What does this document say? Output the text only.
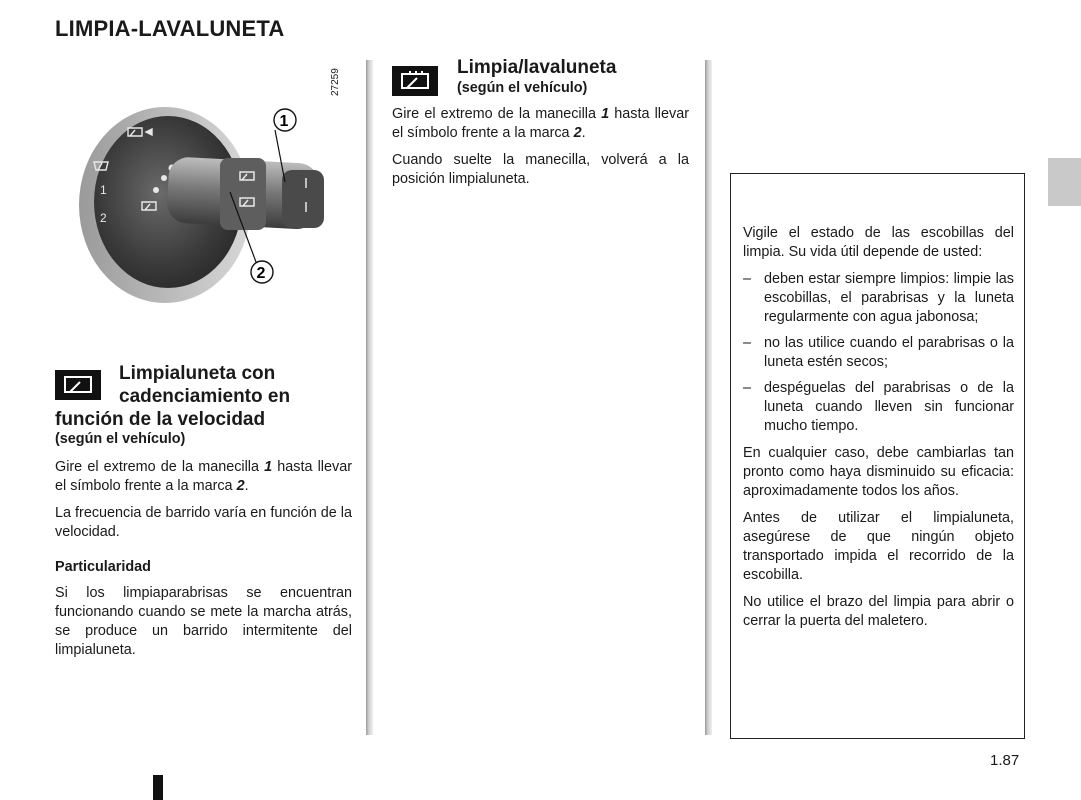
LIMPIA-LAVALUNETA
27259
1
2
1
2
Limpialuneta con
cadenciamiento en
función de la velocidad
(según el vehículo)

Gire el extremo de la manecilla 1 hasta llevar el símbolo frente a la marca 2.

La frecuencia de barrido varía en función de la velocidad.

Particularidad

Si los limpiaparabrisas se encuentran funcionando cuando se mete la marcha atrás, se produce un barrido intermitente del limpialuneta.

Limpia/lavaluneta
(según el vehículo)

Gire el extremo de la manecilla 1 hasta llevar el símbolo frente a la marca 2.

Cuando suelte la manecilla, volverá a la posición limpialuneta.

Vigile el estado de las escobillas del limpia. Su vida útil depende de usted:

– deben estar siempre limpios: limpie las escobillas, el parabrisas y la luneta regularmente con agua jabonosa;
– no las utilice cuando el parabrisas o la luneta estén secos;
– despéguelas del parabrisas o de la luneta cuando lleven sin funcionar mucho tiempo.

En cualquier caso, debe cambiarlas tan pronto como haya disminuido su eficacia: aproximadamente todos los años.

Antes de utilizar el limpialuneta, asegúrese de que ningún objeto transportado impida el recorrido de la escobilla.

No utilice el brazo del limpia para abrir o cerrar la puerta del maletero.

1.87
